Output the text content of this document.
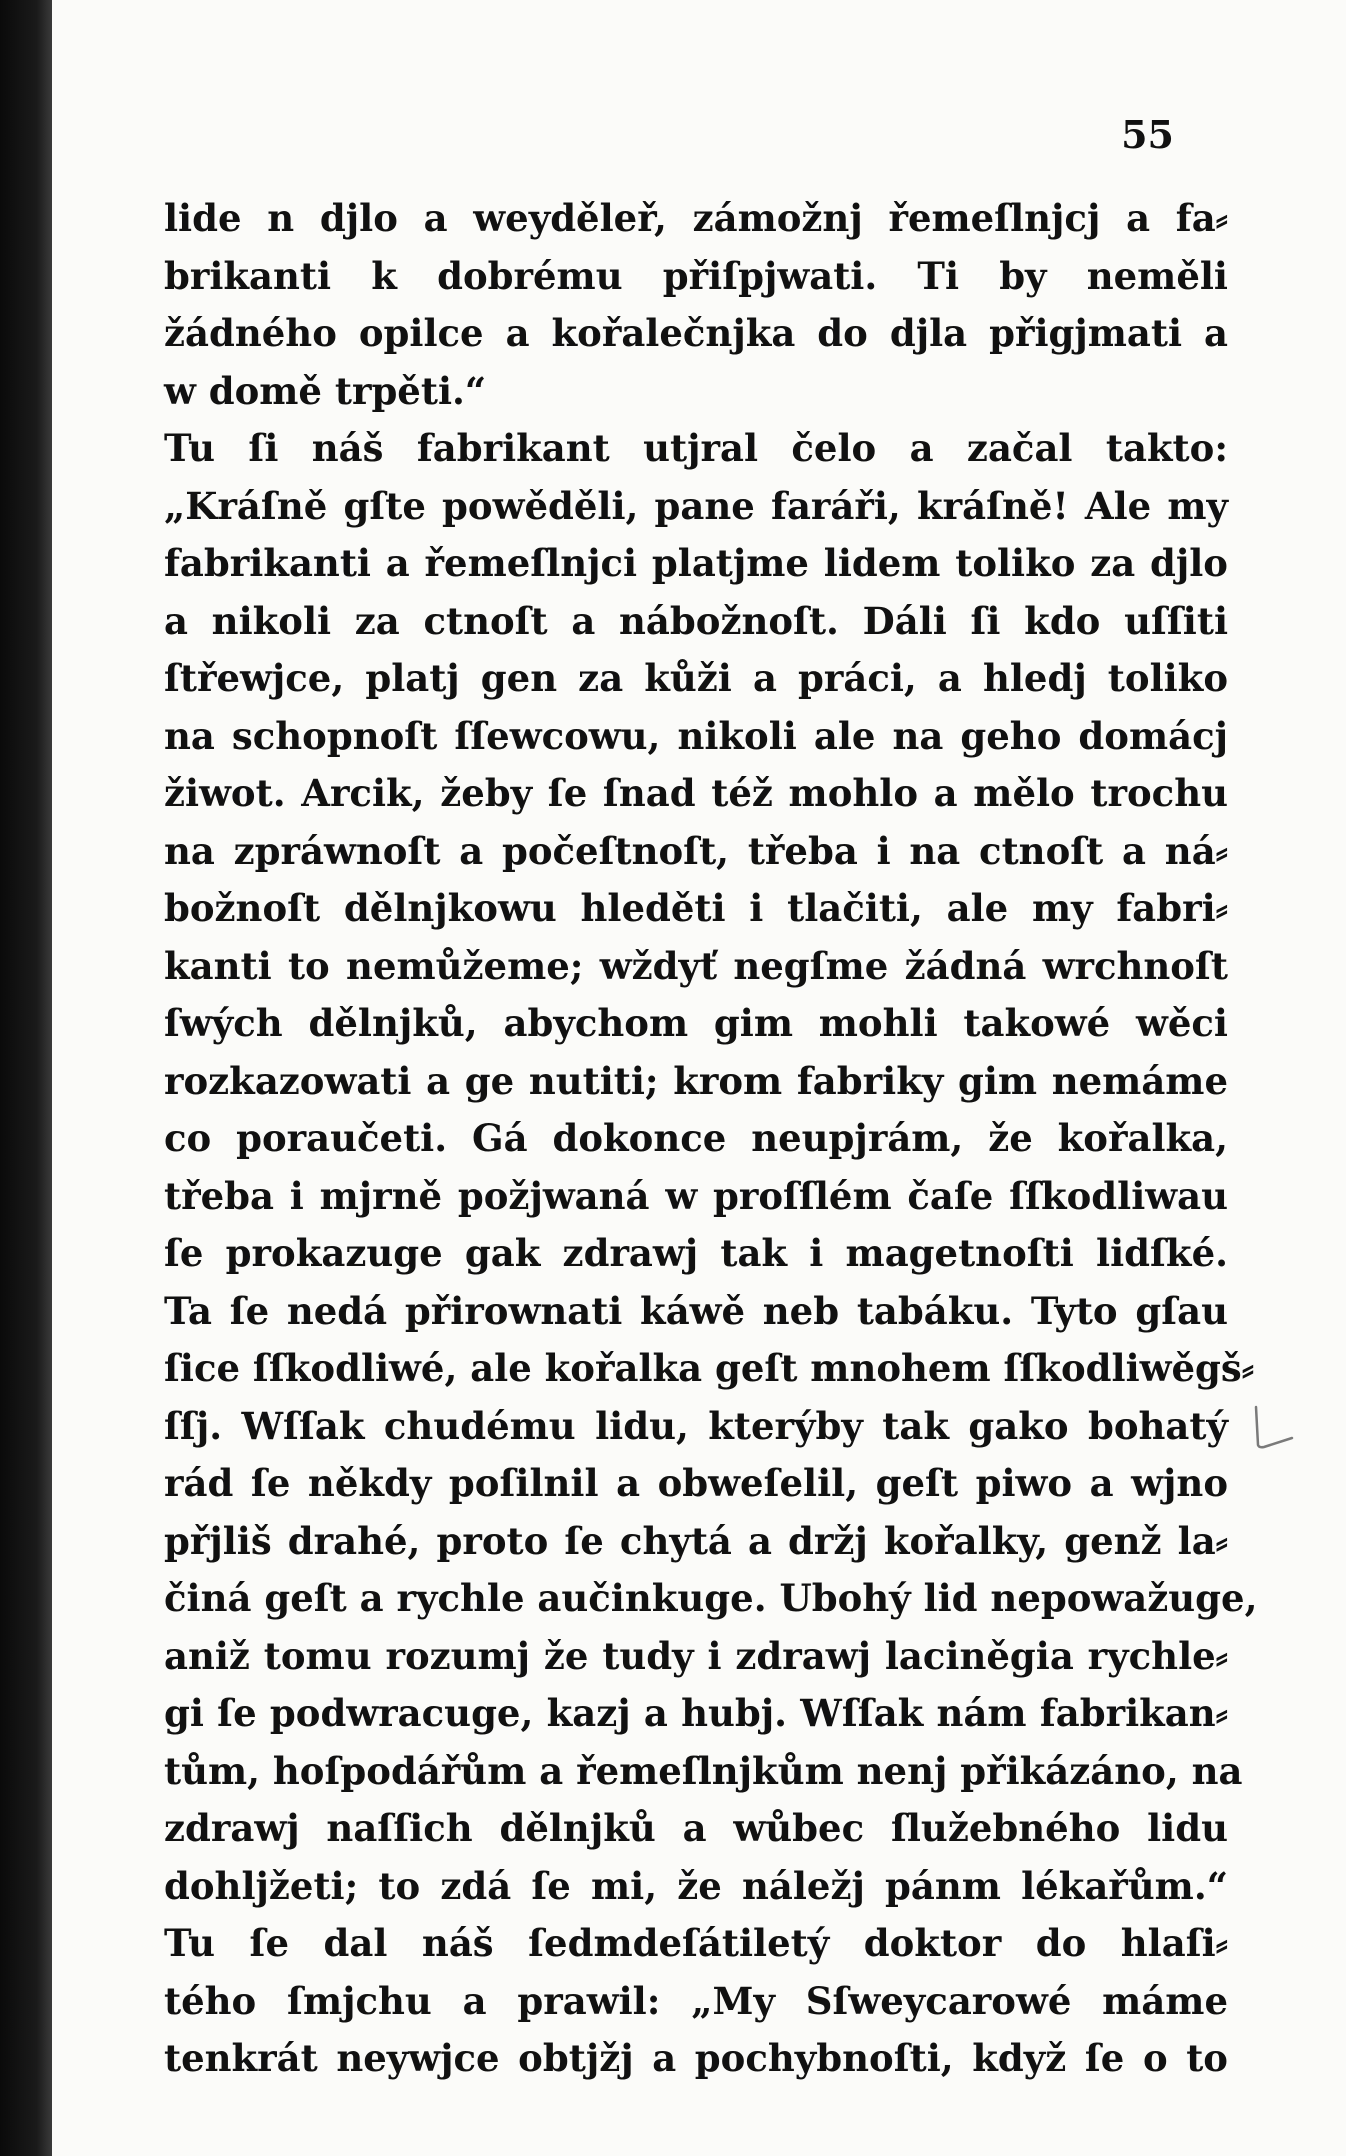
55
lide n djlo a weyděleř, zámožnj řemeſlnjcj a fa⸗
brikanti k dobrému přiſpjwati. Ti by neměli
žádného opilce a kořalečnjka do djla přigjmati a
w domě trpěti.“
Tu ſi náš fabrikant utjral čelo a začal takto:
„Kráſně gſte powěděli, pane faráři, kráſně! Ale my
fabrikanti a řemeſlnjci platjme lidem toliko za djlo
a nikoli za ctnoſt a nábožnoſt. Dáli ſi kdo uſſiti
ſtřewjce, platj gen za kůži a práci, a hledj toliko
na schopnoſt ſſewcowu, nikoli ale na geho domácj
žiwot. Arcik, žeby ſe ſnad též mohlo a mělo trochu
na zpráwnoſt a počeſtnoſt, třeba i na ctnoſt a ná⸗
božnoſt dělnjkowu hleděti i tlačiti, ale my fabri⸗
kanti to nemůžeme; wždyť negſme žádná wrchnoſt
ſwých dělnjků, abychom gim mohli takowé wěci
rozkazowati a ge nutiti; krom fabriky gim nemáme
co poraučeti. Gá dokonce neupjrám, že kořalka,
třeba i mjrně požjwaná w proſſlém čaſe ſſkodliwau
ſe prokazuge gak zdrawj tak i magetnoſti lidſké.
Ta ſe nedá přirownati káwě neb tabáku. Tyto gſau
ſice ſſkodliwé, ale kořalka geſt mnohem ſſkodliwěgš⸗
ſſj. Wſſak chudému lidu, kterýby tak gako bohatý
rád ſe někdy poſilnil a obweſelil, geſt piwo a wjno
přjliš drahé, proto ſe chytá a držj kořalky, genž la⸗
činá geſt a rychle aučinkuge. Ubohý lid nepowažuge,
aniž tomu rozumj že tudy i zdrawj laciněgia rychle⸗
gi ſe podwracuge, kazj a hubj. Wſſak nám fabrikan⸗
tům, hoſpodářům a řemeſlnjkům nenj přikázáno, na
zdrawj naſſich dělnjků a wůbec ſlužebného lidu
dohljžeti; to zdá ſe mi, že náležj pánm lékařům.“
Tu ſe dal náš ſedmdeſátiletý doktor do hlaſi⸗
tého ſmjchu a prawil: „My Sſweycarowé máme
tenkrát neywjce obtjžj a pochybnoſti, když ſe o to
